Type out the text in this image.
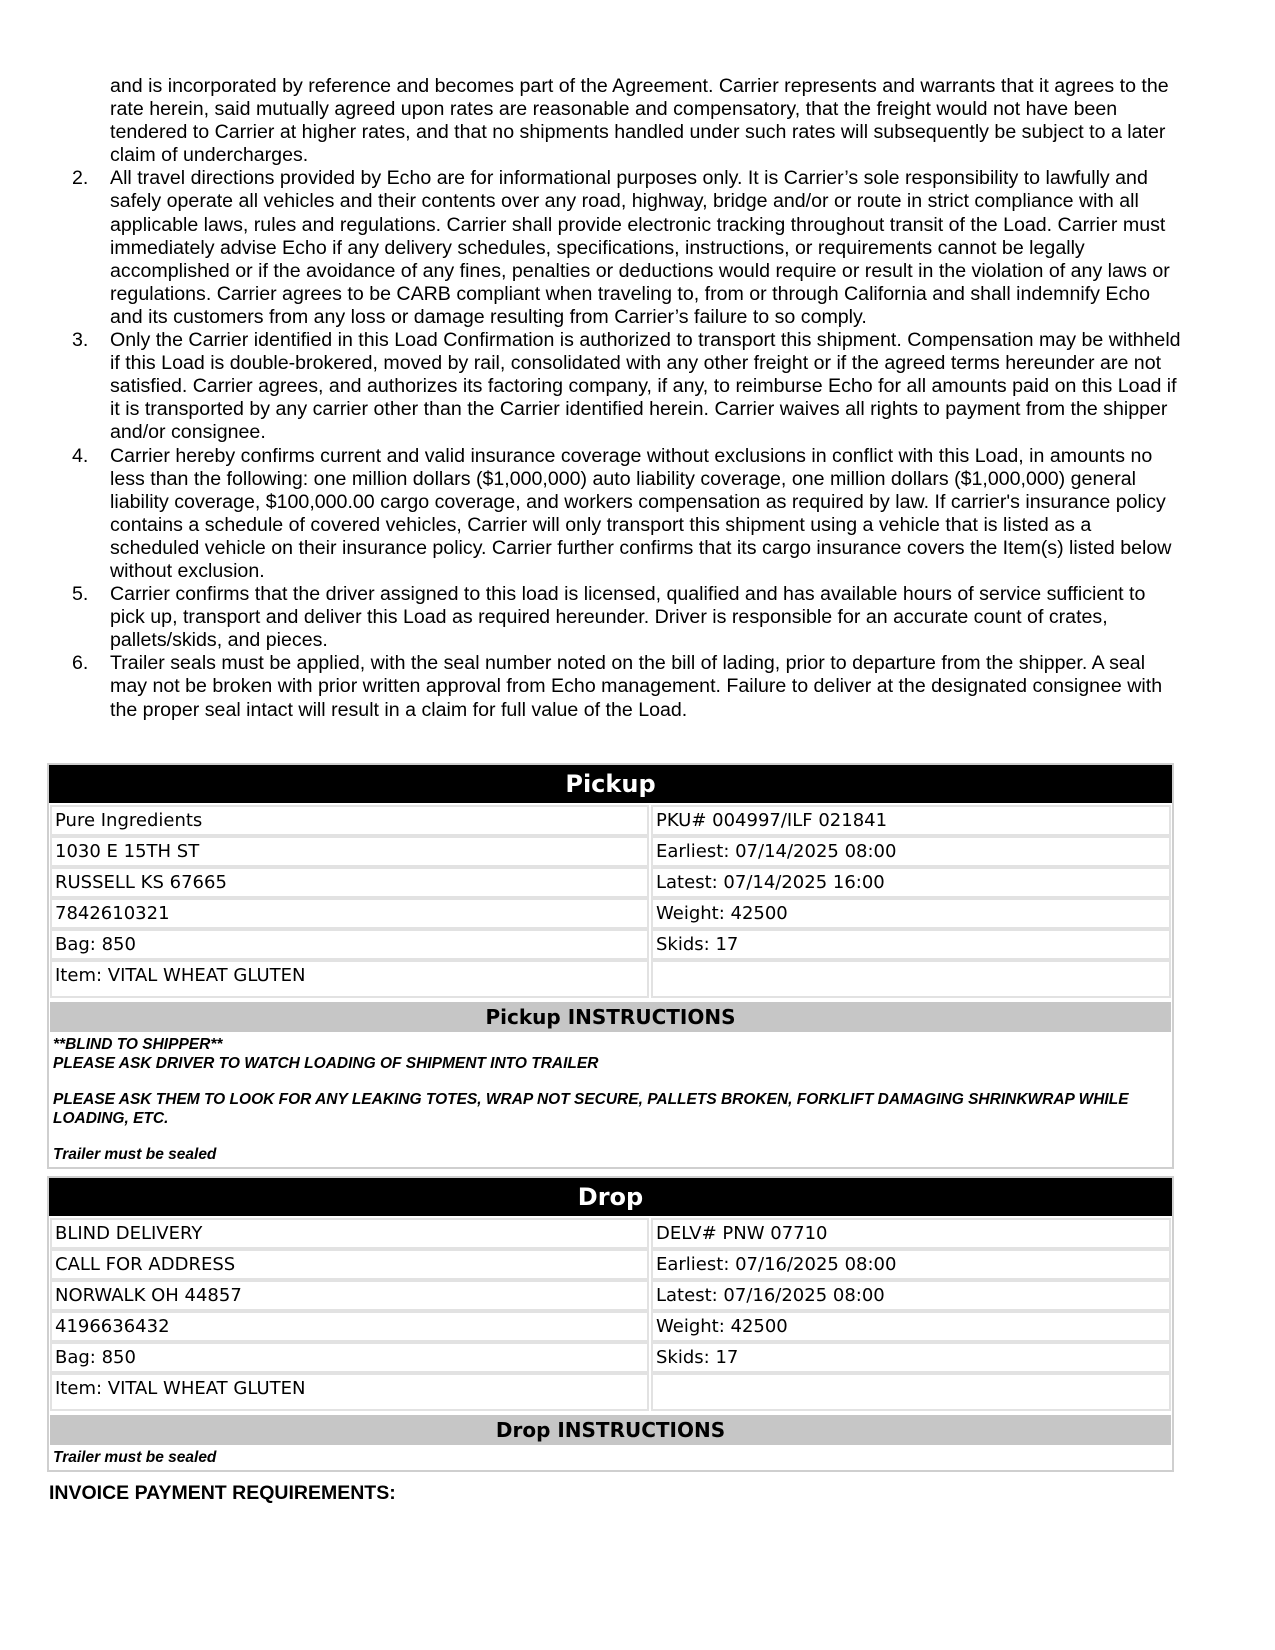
and is incorporated by reference and becomes part of the Agreement. Carrier represents and warrants that it agrees to the rate herein, said mutually agreed upon rates are reasonable and compensatory, that the freight would not have been tendered to Carrier at higher rates, and that no shipments handled under such rates will subsequently be subject to a later claim of undercharges.
2.	All travel directions provided by Echo are for informational purposes only. It is Carrier’s sole responsibility to lawfully and safely operate all vehicles and their contents over any road, highway, bridge and/or or route in strict compliance with all applicable laws, rules and regulations. Carrier shall provide electronic tracking throughout transit of the Load. Carrier must immediately advise Echo if any delivery schedules, specifications, instructions, or requirements cannot be legally accomplished or if the avoidance of any fines, penalties or deductions would require or result in the violation of any laws or regulations. Carrier agrees to be CARB compliant when traveling to, from or through California and shall indemnify Echo and its customers from any loss or damage resulting from Carrier’s failure to so comply.
3.	Only the Carrier identified in this Load Confirmation is authorized to transport this shipment. Compensation may be withheld if this Load is double-brokered, moved by rail, consolidated with any other freight or if the agreed terms hereunder are not satisfied. Carrier agrees, and authorizes its factoring company, if any, to reimburse Echo for all amounts paid on this Load if it is transported by any carrier other than the Carrier identified herein. Carrier waives all rights to payment from the shipper and/or consignee.
4.	Carrier hereby confirms current and valid insurance coverage without exclusions in conflict with this Load, in amounts no less than the following: one million dollars ($1,000,000) auto liability coverage, one million dollars ($1,000,000) general liability coverage, $100,000.00 cargo coverage, and workers compensation as required by law. If carrier's insurance policy contains a schedule of covered vehicles, Carrier will only transport this shipment using a vehicle that is listed as a scheduled vehicle on their insurance policy. Carrier further confirms that its cargo insurance covers the Item(s) listed below without exclusion.
5.	Carrier confirms that the driver assigned to this load is licensed, qualified and has available hours of service sufficient to pick up, transport and deliver this Load as required hereunder. Driver is responsible for an accurate count of crates, pallets/skids, and pieces.
6.	Trailer seals must be applied, with the seal number noted on the bill of lading, prior to departure from the shipper. A seal may not be broken with prior written approval from Echo management. Failure to deliver at the designated consignee with the proper seal intact will result in a claim for full value of the Load.
Pickup
Pure Ingredients	PKU# 004997/ILF 021841
1030 E 15TH ST	Earliest: 07/14/2025 08:00
RUSSELL KS 67665	Latest: 07/14/2025 16:00
7842610321	Weight: 42500
Bag: 850	Skids: 17
Item: VITAL WHEAT GLUTEN
Pickup INSTRUCTIONS

**BLIND TO SHIPPER**

PLEASE ASK DRIVER TO WATCH LOADING OF SHIPMENT INTO TRAILER

PLEASE ASK THEM TO LOOK FOR ANY LEAKING TOTES, WRAP NOT SECURE, PALLETS BROKEN, FORKLIFT DAMAGING SHRINKWRAP WHILE LOADING, ETC.

Trailer must be sealed

Drop
BLIND DELIVERY	DELV# PNW 07710
CALL FOR ADDRESS	Earliest: 07/16/2025 08:00
NORWALK OH 44857	Latest: 07/16/2025 08:00
4196636432	Weight: 42500
Bag: 850	Skids: 17
Item: VITAL WHEAT GLUTEN
Drop INSTRUCTIONS

Trailer must be sealed

INVOICE PAYMENT REQUIREMENTS:
